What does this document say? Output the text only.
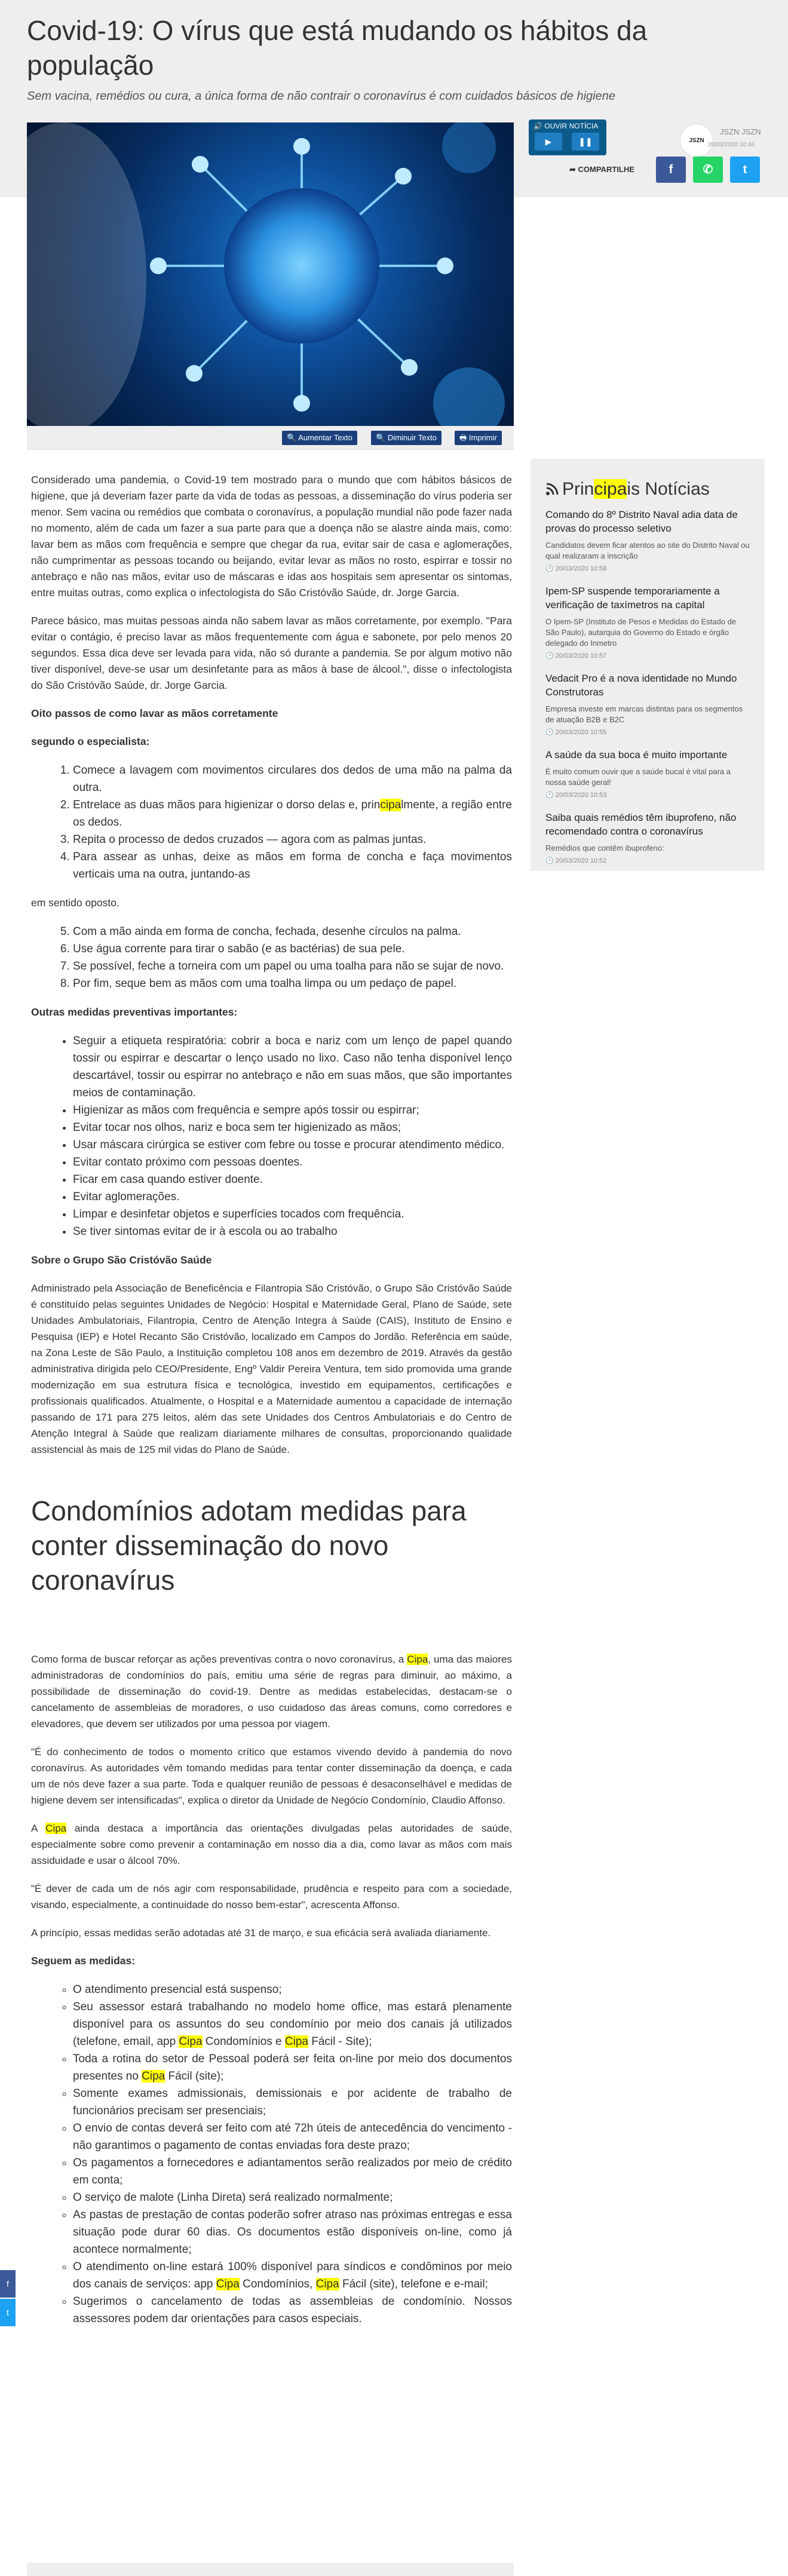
Covid-19: O vírus que está mudando os hábitos da população
Sem vacina, remédios ou cura, a única forma de não contrair o coronavírus é com cuidados básicos de higiene
🔍 Aumentar Texto	🔍 Diminuir Texto	🖶 Imprimir
🔊 OUVIR NOTÍCIA
▶	❚❚	JSZN
JSZN JSZN
20/03/2020 10:46
➦ COMPARTILHE	f	✆	t
Principais Notícias
Comando do 8º Distrito Naval adia data de provas do processo seletivo
Candidatos devem ficar atentos ao site do Distrito Naval ou qual realizaram a inscrição
🕑 20/03/2020 10:58
Ipem-SP suspende temporariamente a verificação de taxímetros na capital
O Ipem-SP (Instituto de Pesos e Medidas do Estado de São Paulo), autarquia do Governo do Estado e órgão delegado do Inmetro
🕑 20/03/2020 10:57
Vedacit Pro é a nova identidade no Mundo Construtoras
Empresa investe em marcas distintas para os segmentos de atuação B2B e B2C
🕑 20/03/2020 10:55
A saúde da sua boca é muito importante
É muito comum ouvir que a saúde bucal é vital para a nossa saúde geral!
🕑 20/03/2020 10:53
Saiba quais remédios têm ibuprofeno, não recomendado contra o coronavírus
Remédios que contêm ibuprofeno:
🕑 20/03/2020 10:52

Considerado uma pandemia, o Covid-19 tem mostrado para o mundo que com hábitos básicos de higiene, que já deveriam fazer parte da vida de todas as pessoas, a disseminação do vírus poderia ser menor. Sem vacina ou remédios que combata o coronavírus, a população mundial não pode fazer nada no momento, além de cada um fazer a sua parte para que a doença não se alastre ainda mais, como: lavar bem as mãos com frequência e sempre que chegar da rua, evitar sair de casa e aglomerações, não cumprimentar as pessoas tocando ou beijando, evitar levar as mãos no rosto, espirrar e tossir no antebraço e não nas mãos, evitar uso de máscaras e idas aos hospitais sem apresentar os sintomas, entre muitas outras, como explica o infectologista do São Cristóvão Saúde, dr. Jorge Garcia.

Parece básico, mas muitas pessoas ainda não sabem lavar as mãos corretamente, por exemplo. "Para evitar o contágio, é preciso lavar as mãos frequentemente com água e sabonete, por pelo menos 20 segundos. Essa dica deve ser levada para vida, não só durante a pandemia. Se por algum motivo não tiver disponível, deve-se usar um desinfetante para as mãos à base de álcool.", disse o infectologista do São Cristóvão Saúde, dr. Jorge Garcia.

Oito passos de como lavar as mãos corretamente

segundo o especialista:

1. Comece a lavagem com movimentos circulares dos dedos de uma mão na palma da outra.
2. Entrelace as duas mãos para higienizar o dorso delas e, principalmente, a região entre os dedos.
3. Repita o processo de dedos cruzados — agora com as palmas juntas.
4. Para assear as unhas, deixe as mãos em forma de concha e faça movimentos verticais uma na outra, juntando-as

em sentido oposto.

5. Com a mão ainda em forma de concha, fechada, desenhe círculos na palma.
6. Use água corrente para tirar o sabão (e as bactérias) de sua pele.
7. Se possível, feche a torneira com um papel ou uma toalha para não se sujar de novo.
8. Por fim, seque bem as mãos com uma toalha limpa ou um pedaço de papel.

Outras medidas preventivas importantes:

• Seguir a etiqueta respiratória: cobrir a boca e nariz com um lenço de papel quando tossir ou espirrar e descartar o lenço usado no lixo. Caso não tenha disponível lenço descartável, tossir ou espirrar no antebraço e não em suas mãos, que são importantes meios de contaminação.
• Higienizar as mãos com frequência e sempre após tossir ou espirrar;
• Evitar tocar nos olhos, nariz e boca sem ter higienizado as mãos;
• Usar máscara cirúrgica se estiver com febre ou tosse e procurar atendimento médico.
• Evitar contato próximo com pessoas doentes.
• Ficar em casa quando estiver doente.
• Evitar aglomerações.
• Limpar e desinfetar objetos e superfícies tocados com frequência.
• Se tiver sintomas evitar de ir à escola ou ao trabalho

Sobre o Grupo São Cristóvão Saúde

Administrado pela Associação de Beneficência e Filantropia São Cristóvão, o Grupo São Cristóvão Saúde é constituído pelas seguintes Unidades de Negócio: Hospital e Maternidade Geral, Plano de Saúde, sete Unidades Ambulatoriais, Filantropia, Centro de Atenção Integra à Saúde (CAIS), Instituto de Ensino e Pesquisa (IEP) e Hotel Recanto São Cristóvão, localizado em Campos do Jordão. Referência em saúde, na Zona Leste de São Paulo, a Instituição completou 108 anos em dezembro de 2019. Através da gestão administrativa dirigida pelo CEO/Presidente, Engº Valdir Pereira Ventura, tem sido promovida uma grande modernização em sua estrutura física e tecnológica, investido em equipamentos, certificações e profissionais qualificados. Atualmente, o Hospital e a Maternidade aumentou a capacidade de internação passando de 171 para 275 leitos, além das sete Unidades dos Centros Ambulatoriais e do Centro de Atenção Integral à Saúde que realizam diariamente milhares de consultas, proporcionando qualidade assistencial às mais de 125 mil vidas do Plano de Saúde.

Condomínios adotam medidas para conter disseminação do novo coronavírus

Como forma de buscar reforçar as ações preventivas contra o novo coronavírus, a Cipa, uma das maiores administradoras de condomínios do país, emitiu uma série de regras para diminuir, ao máximo, a possibilidade de disseminação do covid-19. Dentre as medidas estabelecidas, destacam-se o cancelamento de assembleias de moradores, o uso cuidadoso das áreas comuns, como corredores e elevadores, que devem ser utilizados por uma pessoa por viagem.

"É do conhecimento de todos o momento crítico que estamos vivendo devido à pandemia do novo coronavírus. As autoridades vêm tomando medidas para tentar conter disseminação da doença, e cada um de nós deve fazer a sua parte. Toda e qualquer reunião de pessoas é desaconselhável e medidas de higiene devem ser intensificadas", explica o diretor da Unidade de Negócio Condomínio, Claudio Affonso.

A Cipa ainda destaca a importância das orientações divulgadas pelas autoridades de saúde, especialmente sobre como prevenir a contaminação em nosso dia a dia, como lavar as mãos com mais assiduidade e usar o álcool 70%.

"É dever de cada um de nós agir com responsabilidade, prudência e respeito para com a sociedade, visando, especialmente, a continuidade do nosso bem-estar", acrescenta Affonso.

A princípio, essas medidas serão adotadas até 31 de março, e sua eficácia será avaliada diariamente.

Seguem as medidas:

◦ O atendimento presencial está suspenso;
◦ Seu assessor estará trabalhando no modelo home office, mas estará plenamente disponível para os assuntos do seu condomínio por meio dos canais já utilizados (telefone, email, app Cipa Condomínios e Cipa Fácil - Site);
◦ Toda a rotina do setor de Pessoal poderá ser feita on-line por meio dos documentos presentes no Cipa Fácil (site);
◦ Somente exames admissionais, demissionais e por acidente de trabalho de funcionários precisam ser presenciais;
◦ O envio de contas deverá ser feito com até 72h úteis de antecedência do vencimento - não garantimos o pagamento de contas enviadas fora deste prazo;
◦ Os pagamentos a fornecedores e adiantamentos serão realizados por meio de crédito em conta;
◦ O serviço de malote (Linha Direta) será realizado normalmente;
◦ As pastas de prestação de contas poderão sofrer atraso nas próximas entregas e essa situação pode durar 60 dias. Os documentos estão disponíveis on-line, como já acontece normalmente;
◦ O atendimento on-line estará 100% disponível para síndicos e condôminos por meio dos canais de serviços: app Cipa Condomínios, Cipa Fácil (site), telefone e e-mail;
◦ Sugerimos o cancelamento de todas as assembleias de condomínio. Nossos assessores podem dar orientações para casos especiais.
f
t
